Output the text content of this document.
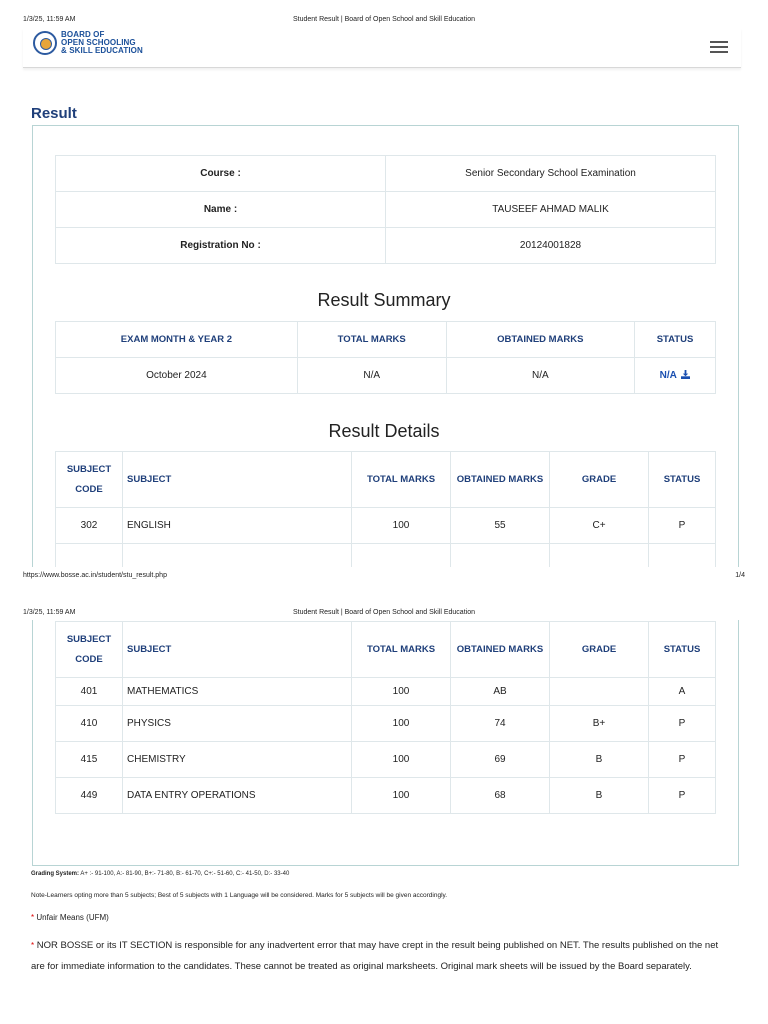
1/3/25, 11:59 AM	Student Result | Board of Open School and Skill Education
BOARD OF
OPEN SCHOOLING
& SKILL EDUCATION
Result
Course :	Senior Secondary School Examination
Name :	TAUSEEF AHMAD MALIK
Registration No :	20124001828
Result Summary
EXAM MONTH & YEAR 2	TOTAL MARKS	OBTAINED MARKS	STATUS
October 2024	N/A	N/A	N/A
Result Details
SUBJECT
CODE	SUBJECT	TOTAL MARKS	OBTAINED MARKS	GRADE	STATUS
302	ENGLISH	100	55	C+	P

https://www.bosse.ac.in/student/stu_result.php	1/4
1/3/25, 11:59 AM	Student Result | Board of Open School and Skill Education
SUBJECT
CODE	SUBJECT	TOTAL MARKS	OBTAINED MARKS	GRADE	STATUS
401	MATHEMATICS	100	AB		A
410	PHYSICS	100	74	B+	P
415	CHEMISTRY	100	69	B	P
449	DATA ENTRY OPERATIONS	100	68	B	P
Grading System: A+ :- 91-100, A:- 81-90, B+:- 71-80, B:- 61-70, C+:- 51-60, C:- 41-50, D:- 33-40
Note-Learners opting more than 5 subjects; Best of 5 subjects with 1 Language will be considered. Marks for 5 subjects will be given accordingly.
* Unfair Means (UFM)
* NOR BOSSE or its IT SECTION is responsible for any inadvertent error that may have crept in the result being published on NET. The results published on the net are for immediate information to the candidates. These cannot be treated as original marksheets. Original mark sheets will be issued by the Board separately.
